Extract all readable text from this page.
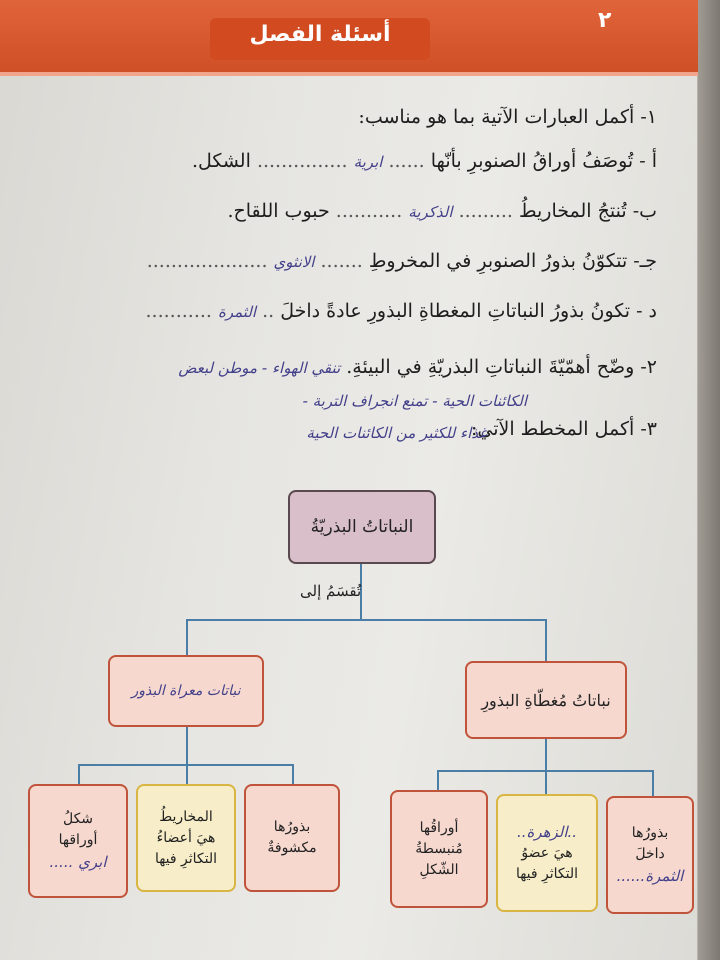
أسئلة الفصل
٢
١- أكمل العبارات الآتية بما هو مناسب:
أ - تُوصَفُ أوراقُ الصنوبرِ بأنّها ...... ابرية ............... الشكل.
ب- تُنتجُ المخاريطُ ......... الذكرية ........... حبوب اللقاح.
جـ- تتكوّنُ بذورُ الصنوبرِ في المخروطِ ....... الانثوي ....................
د - تكونُ بذورُ النباتاتِ المغطاةِ البذورِ عادةً داخلَ .. الثمرة ...........
٢- وضّح أهمّيّةَ النباتاتِ البذريّةِ في البيئةِ. تنقي الهواء - موطن لبعض
الكائنات الحية - تمنع انجراف التربة -
٣- أكمل المخطط الآتي:
غذاء للكثير من الكائنات الحية
النباتاتُ البذريّةُ
تُقسَمُ إلى
نباتات معراة البذور	نباتاتُ مُغطّاةِ البذورِ
شكلُ
أوراقها
ابري .....
المخاريطُ
هيَ أعضاءُ
التكاثرِ فيها
بذورُها
مكشوفةٌ
أوراقُها
مُنبسطةُ
الشّكلِ
..الزهرة..
هيَ عضوُ
التكاثرِ فيها
بذورُها
داخلَ
الثمرة......
